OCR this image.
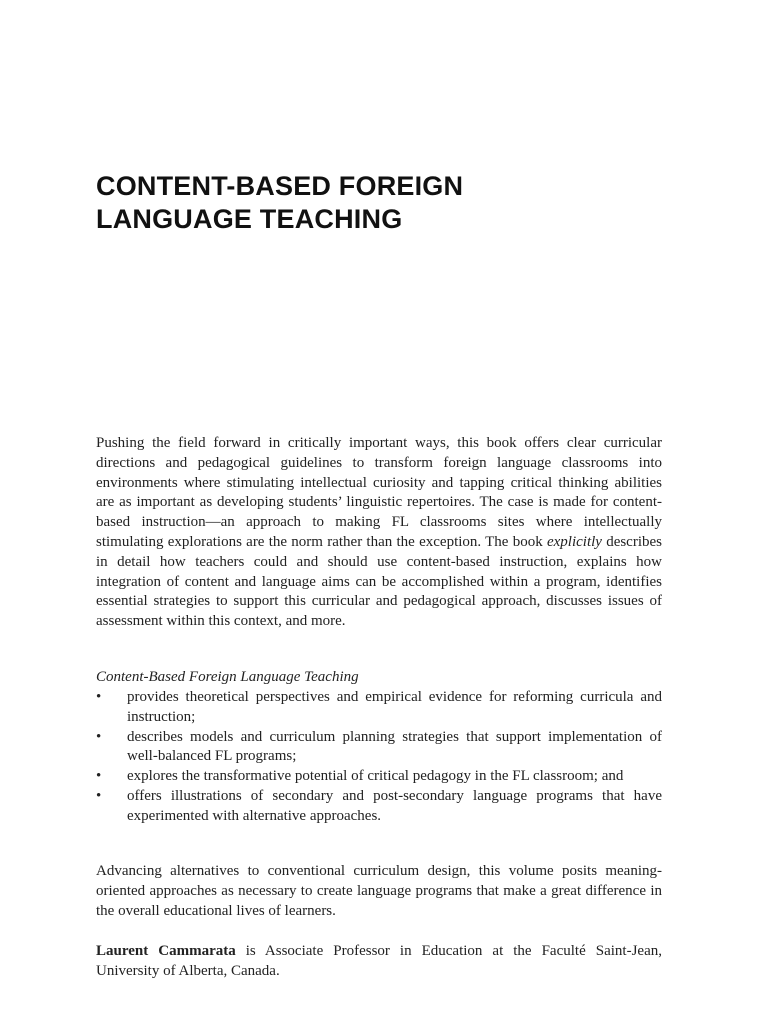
CONTENT-BASED FOREIGN
LANGUAGE TEACHING

Pushing the field forward in critically important ways, this book offers clear curricular directions and pedagogical guidelines to transform foreign language classrooms into environments where stimulating intellectual curiosity and tapping critical thinking abilities are as important as developing students’ linguistic repertoires. The case is made for content-based instruction—an approach to making FL classrooms sites where intellectually stimulating explorations are the norm rather than the exception. The book explicitly describes in detail how teachers could and should use content-based instruction, explains how integration of content and language aims can be accomplished within a program, identifies essential strategies to support this curricular and pedagogical approach, discusses issues of assessment within this context, and more.

Content-Based Foreign Language Teaching

• provides theoretical perspectives and empirical evidence for reforming curricula and instruction;
• describes models and curriculum planning strategies that support implementation of well-balanced FL programs;
• explores the transformative potential of critical pedagogy in the FL classroom; and
• offers illustrations of secondary and post-secondary language programs that have experimented with alternative approaches.

Advancing alternatives to conventional curriculum design, this volume posits meaning-oriented approaches as necessary to create language programs that make a great difference in the overall educational lives of learners.

Laurent Cammarata is Associate Professor in Education at the Faculté Saint-Jean, University of Alberta, Canada.
